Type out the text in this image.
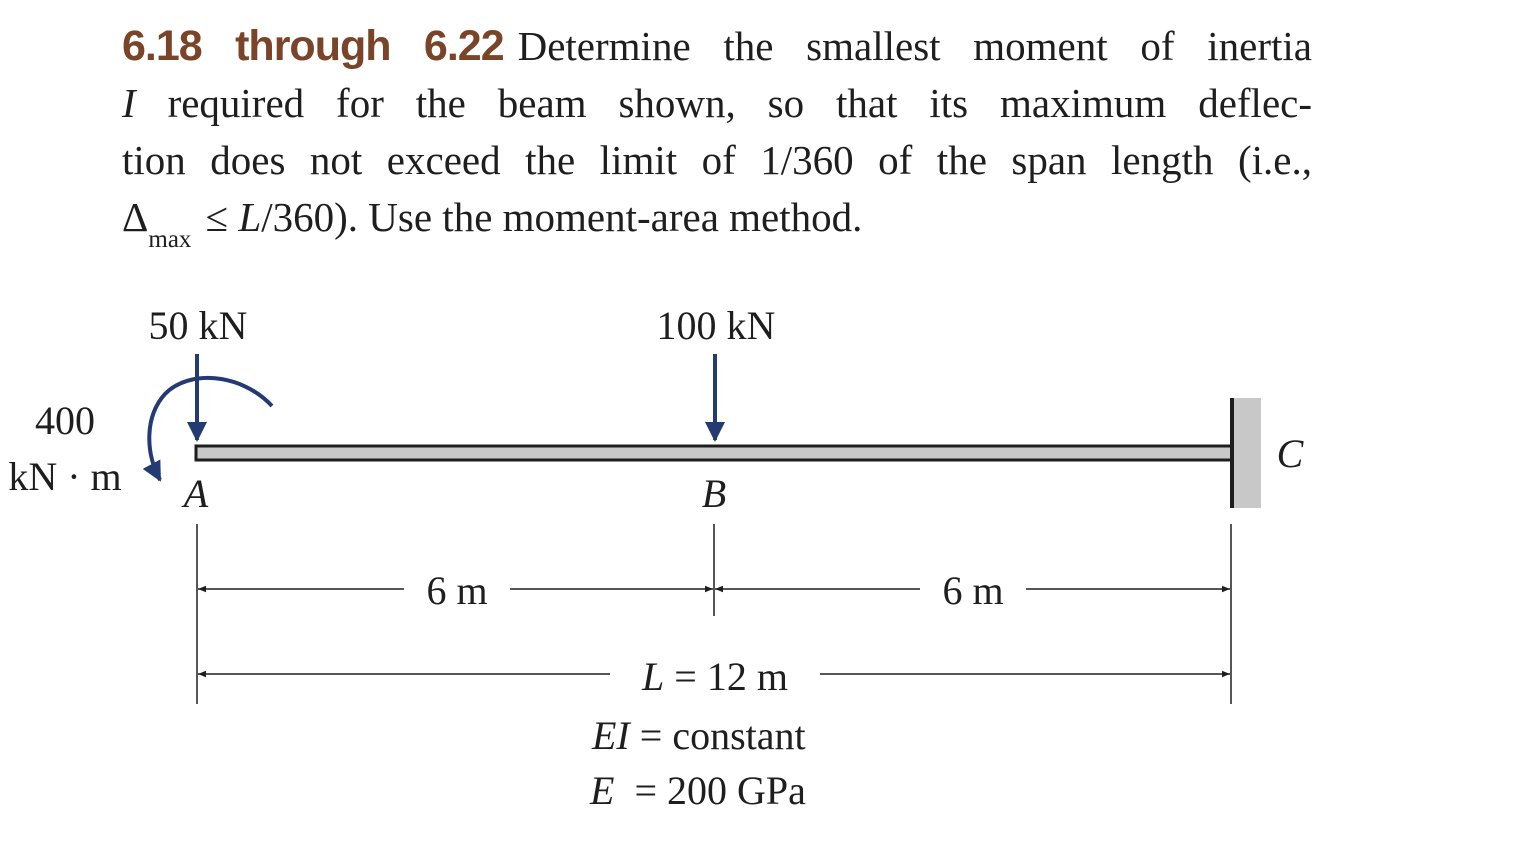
6.18 through 6.22 Determine the smallest moment of inertia
I required for the beam shown, so that its maximum deflec-
tion does not exceed the limit of 1/360 of the span length (i.e.,
$\Delta_{max} \le L/360$). Use the moment-area method.
50 kN	100 kN
400
kN · m A	B
C
6 m	6 m
L = 12 m
EI = constant
E  = 200 GPa
